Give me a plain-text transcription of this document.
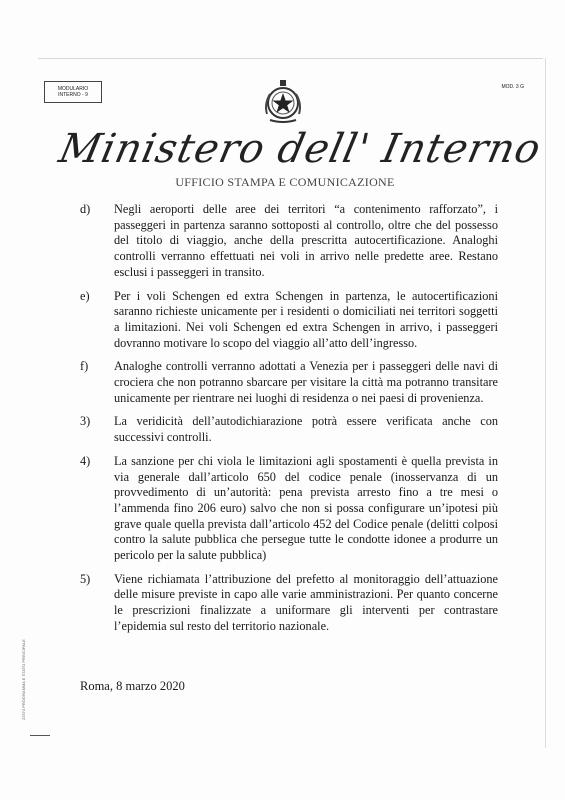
MODULARIO
INTERNO - 9
MOD. 3 G
Ministero dell' Interno
UFFICIO STAMPA E COMUNICAZIONE
22574 PROGRAMMA E STATO PRINCIPALE
d) Negli aeroporti delle aree dei territori “a contenimento rafforzato”, i passeggeri in partenza saranno sottoposti al controllo, oltre che del possesso del titolo di viaggio, anche della prescritta autocertificazione. Analoghi controlli verranno effettuati nei voli in arrivo nelle predette aree. Restano esclusi i passeggeri in transito.
e) Per i voli Schengen ed extra Schengen in partenza, le autocertificazioni saranno richieste unicamente per i residenti o domiciliati nei territori soggetti a limitazioni. Nei voli Schengen ed extra Schengen in arrivo, i passeggeri dovranno motivare lo scopo del viaggio all’atto dell’ingresso.
f) Analoghe controlli verranno adottati a Venezia per i passeggeri delle navi di crociera che non potranno sbarcare per visitare la città ma potranno transitare unicamente per rientrare nei luoghi di residenza o nei paesi di provenienza.
3) La veridicità dell’autodichiarazione potrà essere verificata anche con successivi controlli.
4) La sanzione per chi viola le limitazioni agli spostamenti è quella prevista in via generale dall’articolo 650 del codice penale (inosservanza di un provvedimento di un’autorità: pena prevista arresto fino a tre mesi o l’ammenda fino 206 euro) salvo che non si possa configurare un’ipotesi più grave quale quella prevista dall’articolo 452 del Codice penale (delitti colposi contro la salute pubblica che persegue tutte le condotte idonee a produrre un pericolo per la salute pubblica)
5) Viene richiamata l’attribuzione del prefetto al monitoraggio dell’attuazione delle misure previste in capo alle varie amministrazioni. Per quanto concerne le prescrizioni finalizzate a uniformare gli interventi per contrastare l’epidemia sul resto del territorio nazionale.
Roma, 8 marzo 2020
